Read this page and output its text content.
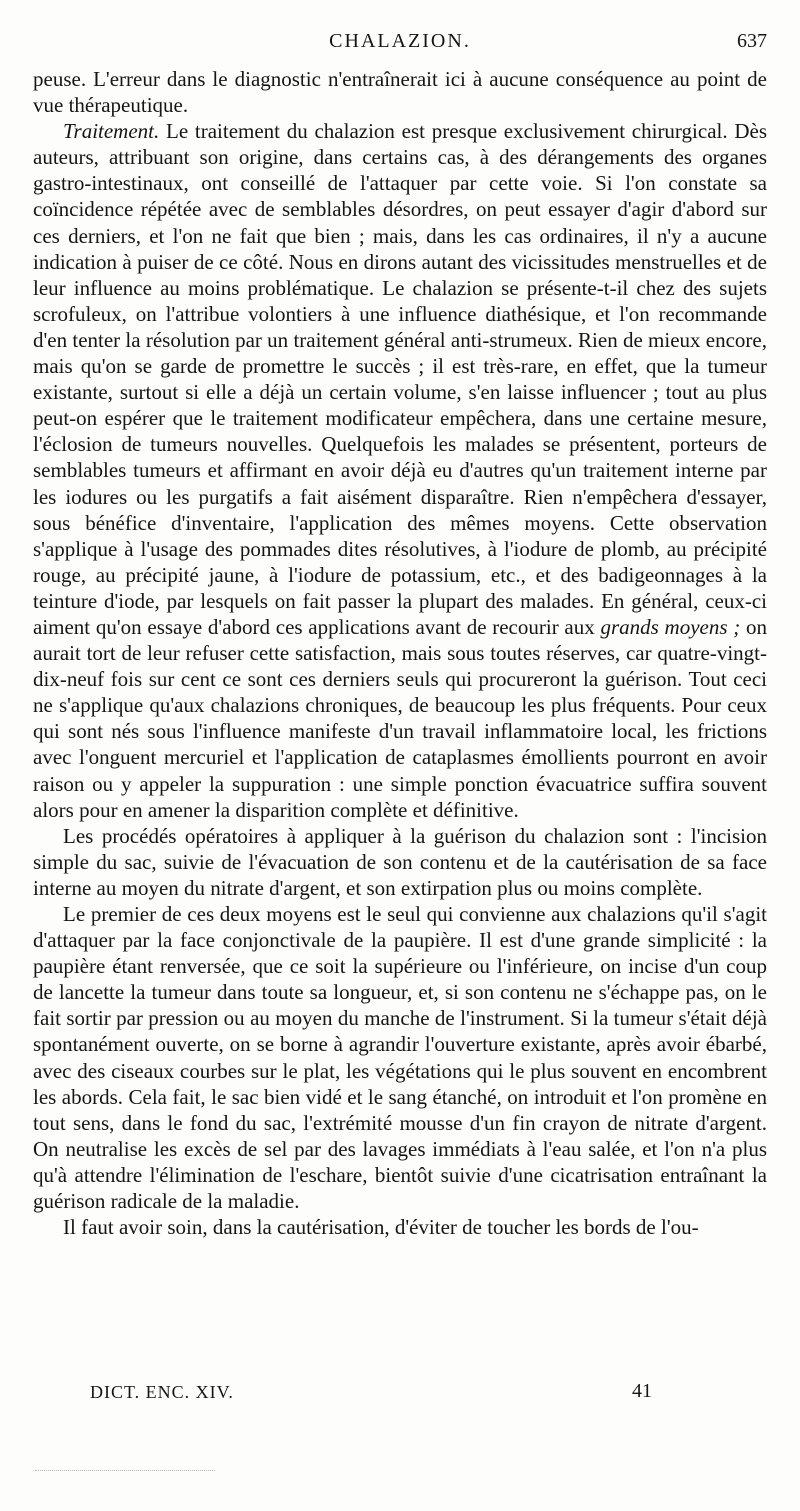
CHALAZION.	637

peuse. L'erreur dans le diagnostic n'entraînerait ici à aucune conséquence au point de vue thérapeutique.

Traitement. Le traitement du chalazion est presque exclusivement chirurgical. Dès auteurs, attribuant son origine, dans certains cas, à des dérangements des organes gastro-intestinaux, ont conseillé de l'attaquer par cette voie. Si l'on constate sa coïncidence répétée avec de semblables désordres, on peut essayer d'agir d'abord sur ces derniers, et l'on ne fait que bien ; mais, dans les cas ordinaires, il n'y a aucune indication à puiser de ce côté. Nous en dirons autant des vicissitudes menstruelles et de leur influence au moins problématique. Le chalazion se présente-t-il chez des sujets scrofuleux, on l'attribue volontiers à une influence diathésique, et l'on recommande d'en tenter la résolution par un traitement général anti-strumeux. Rien de mieux encore, mais qu'on se garde de promettre le succès ; il est très-rare, en effet, que la tumeur existante, surtout si elle a déjà un certain volume, s'en laisse influencer ; tout au plus peut-on espérer que le traitement modificateur empêchera, dans une certaine mesure, l'éclosion de tumeurs nouvelles. Quelquefois les malades se présentent, porteurs de semblables tumeurs et affirmant en avoir déjà eu d'autres qu'un traitement interne par les iodures ou les purgatifs a fait aisément disparaître. Rien n'empêchera d'essayer, sous bénéfice d'inventaire, l'application des mêmes moyens. Cette observation s'applique à l'usage des pommades dites résolutives, à l'iodure de plomb, au précipité rouge, au précipité jaune, à l'iodure de potassium, etc., et des badigeonnages à la teinture d'iode, par lesquels on fait passer la plupart des malades. En général, ceux-ci aiment qu'on essaye d'abord ces applications avant de recourir aux grands moyens ; on aurait tort de leur refuser cette satisfaction, mais sous toutes réserves, car quatre-vingt-dix-neuf fois sur cent ce sont ces derniers seuls qui procureront la guérison. Tout ceci ne s'applique qu'aux chalazions chroniques, de beaucoup les plus fréquents. Pour ceux qui sont nés sous l'influence manifeste d'un travail inflammatoire local, les frictions avec l'onguent mercuriel et l'application de cataplasmes émollients pourront en avoir raison ou y appeler la suppuration : une simple ponction évacuatrice suffira souvent alors pour en amener la disparition complète et définitive.

Les procédés opératoires à appliquer à la guérison du chalazion sont : l'incision simple du sac, suivie de l'évacuation de son contenu et de la cautérisation de sa face interne au moyen du nitrate d'argent, et son extirpation plus ou moins complète.

Le premier de ces deux moyens est le seul qui convienne aux chalazions qu'il s'agit d'attaquer par la face conjonctivale de la paupière. Il est d'une grande simplicité : la paupière étant renversée, que ce soit la supérieure ou l'inférieure, on incise d'un coup de lancette la tumeur dans toute sa longueur, et, si son contenu ne s'échappe pas, on le fait sortir par pression ou au moyen du manche de l'instrument. Si la tumeur s'était déjà spontanément ouverte, on se borne à agrandir l'ouverture existante, après avoir ébarbé, avec des ciseaux courbes sur le plat, les végétations qui le plus souvent en encombrent les abords. Cela fait, le sac bien vidé et le sang étanché, on introduit et l'on promène en tout sens, dans le fond du sac, l'extrémité mousse d'un fin crayon de nitrate d'argent. On neutralise les excès de sel par des lavages immédiats à l'eau salée, et l'on n'a plus qu'à attendre l'élimination de l'eschare, bientôt suivie d'une cicatrisation entraînant la guérison radicale de la maladie.

Il faut avoir soin, dans la cautérisation, d'éviter de toucher les bords de l'ou-

DICT. ENC. XIV.	41
